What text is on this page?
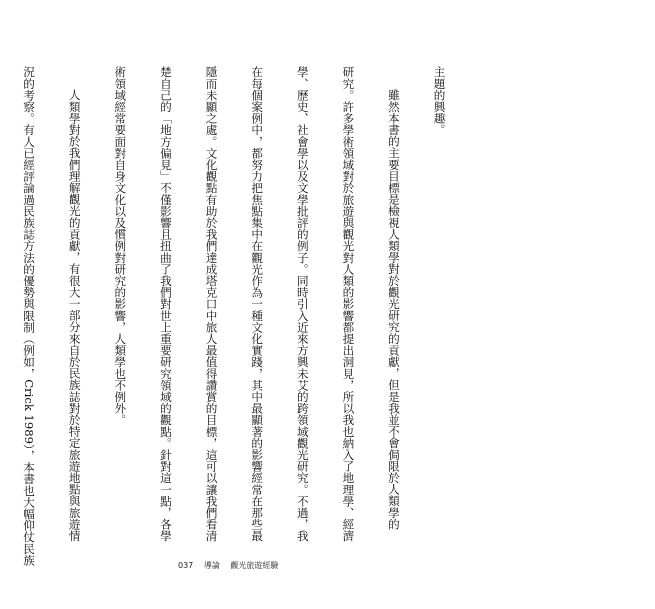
主題的興趣。

雖然本書的主要目標是檢視人類學對於觀光研究的貢獻，但是我並不會侷限於人類學的

研究。許多學術領域對於旅遊與觀光對人類的影響都提出洞見，所以我也納入了地理學、經濟

學、歷史、社會學以及文學批評的例子。同時引入近來方興未艾的跨領域觀光研究。不過，我

在每個案例中，都努力把焦點集中在觀光作為一種文化實踐，其中最顯著的影響經常在那些最

隱而未顯之處。文化觀點有助於我們達成塔克口中旅人最值得讚賞的目標，這可以讓我們看清

楚自己的「地方偏見」不僅影響且扭曲了我們對世上重要研究領域的觀點。針對這一點，各學

術領域經常要面對自身文化以及慣例對研究的影響，人類學也不例外。

人類學對於我們理解觀光的貢獻，有很大一部分來自於民族誌對於特定旅遊地點與旅遊情

況的考察。有人已經評論過民族誌方法的優勢與限制（例如，Crick 1989），本書也大幅仰仗民族

	037 導論 觀光旅遊經驗
